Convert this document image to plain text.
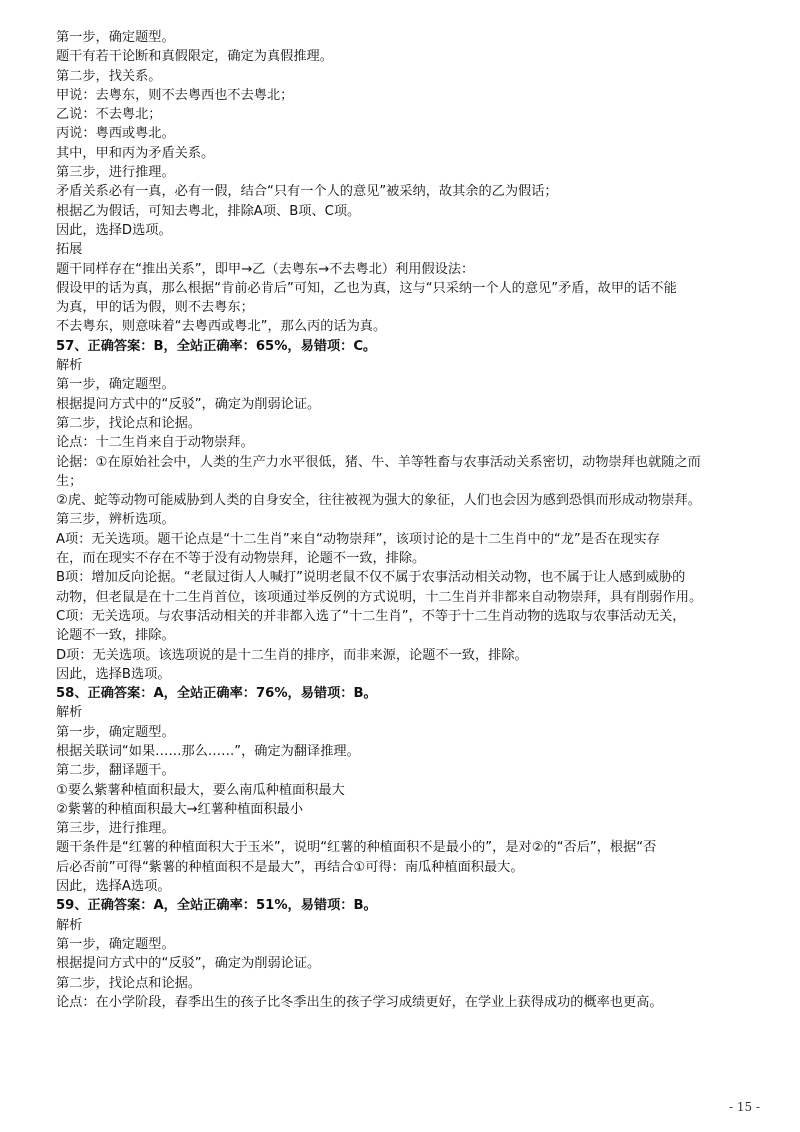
第一步，确定题型。
题干有若干论断和真假限定，确定为真假推理。
第二步，找关系。
甲说：去粤东，则不去粤西也不去粤北；
乙说：不去粤北；
丙说：粤西或粤北。
其中，甲和丙为矛盾关系。
第三步，进行推理。
矛盾关系必有一真，必有一假，结合“只有一个人的意见”被采纳，故其余的乙为假话；
根据乙为假话，可知去粤北，排除A项、B项、C项。
因此，选择D选项。
拓展
题干同样存在“推出关系”，即甲→乙（去粤东→不去粤北）利用假设法：
假设甲的话为真，那么根据“肯前必肯后”可知，乙也为真，这与“只采纳一个人的意见”矛盾，故甲的话不能
为真，甲的话为假，则不去粤东；
不去粤东，则意味着“去粤西或粤北”，那么丙的话为真。
57、正确答案：B，全站正确率：65%，易错项：C。
解析
第一步，确定题型。
根据提问方式中的“反驳”，确定为削弱论证。
第二步，找论点和论据。
论点：十二生肖来自于动物崇拜。
论据：①在原始社会中，人类的生产力水平很低，猪、牛、羊等牲畜与农事活动关系密切，动物崇拜也就随之而
生；
②虎、蛇等动物可能威胁到人类的自身安全，往往被视为强大的象征，人们也会因为感到恐惧而形成动物崇拜。
第三步，辨析选项。
A项：无关选项。题干论点是“十二生肖”来自“动物崇拜”，该项讨论的是十二生肖中的“龙”是否在现实存
在，而在现实不存在不等于没有动物崇拜，论题不一致，排除。
B项：增加反向论据。“老鼠过街人人喊打”说明老鼠不仅不属于农事活动相关动物，也不属于让人感到威胁的
动物，但老鼠是在十二生肖首位，该项通过举反例的方式说明，十二生肖并非都来自动物崇拜，具有削弱作用。
C项：无关选项。与农事活动相关的并非都入选了“十二生肖”，不等于十二生肖动物的选取与农事活动无关，
论题不一致，排除。
D项：无关选项。该选项说的是十二生肖的排序，而非来源，论题不一致，排除。
因此，选择B选项。
58、正确答案：A，全站正确率：76%，易错项：B。
解析
第一步，确定题型。
根据关联词“如果……那么……”，确定为翻译推理。
第二步，翻译题干。
①要么紫薯种植面积最大，要么南瓜种植面积最大
②紫薯的种植面积最大→红薯种植面积最小
第三步，进行推理。
题干条件是“红薯的种植面积大于玉米”，说明“红薯的种植面积不是最小的”，是对②的“否后”，根据“否
后必否前”可得“紫薯的种植面积不是最大”，再结合①可得：南瓜种植面积最大。
因此，选择A选项。
59、正确答案：A，全站正确率：51%，易错项：B。
解析
第一步，确定题型。
根据提问方式中的“反驳”，确定为削弱论证。
第二步，找论点和论据。
论点：在小学阶段，春季出生的孩子比冬季出生的孩子学习成绩更好，在学业上获得成功的概率也更高。
- 15 -
